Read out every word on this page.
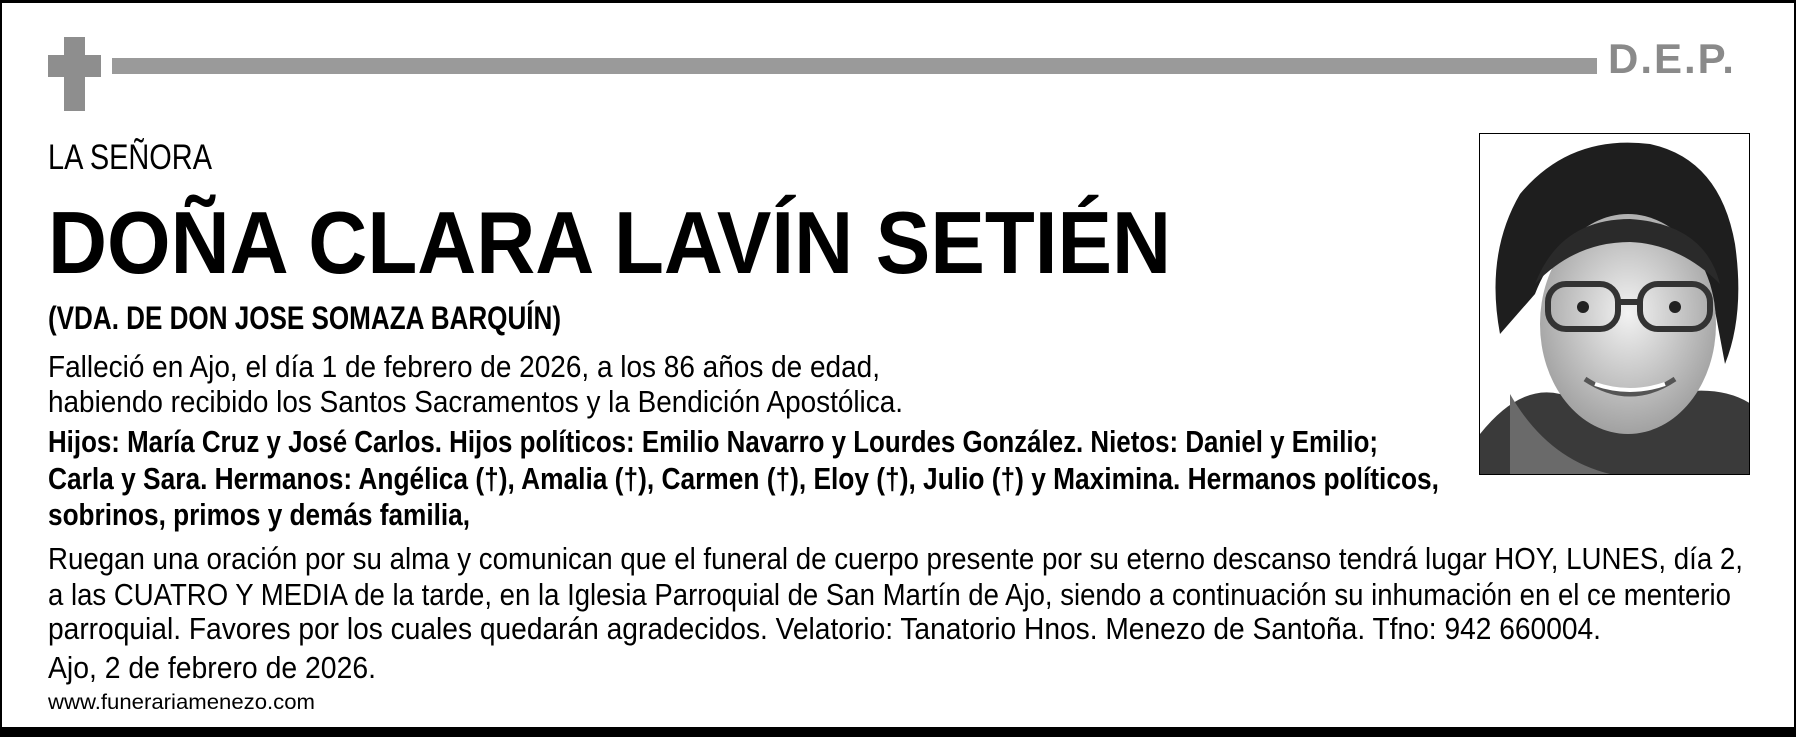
D.E.P.
LA SEÑORA
DOÑA CLARA LAVÍN SETIÉN
(VDA. DE DON JOSE SOMAZA BARQUÍN)
Falleció en Ajo, el día 1 de febrero de 2026, a los 86 años de edad,
habiendo recibido los Santos Sacramentos y la Bendición Apostólica.
Hijos: María Cruz y José Carlos. Hijos políticos: Emilio Navarro y Lourdes González. Nietos: Daniel y Emilio;
Carla y Sara. Hermanos: Angélica (†), Amalia (†), Carmen (†), Eloy (†), Julio (†) y Maximina. Hermanos políticos,
sobrinos, primos y demás familia,
Ruegan una oración por su alma y comunican que el funeral de cuerpo presente por su eterno descanso tendrá lugar HOY, LUNES, día 2,
a las CUATRO Y MEDIA de la tarde, en la Iglesia Parroquial de San Martín de Ajo, siendo a continuación su inhumación en el ce menterio
parroquial. Favores por los cuales quedarán agradecidos. Velatorio: Tanatorio Hnos. Menezo de Santoña. Tfno: 942 660004.
Ajo, 2 de febrero de 2026.
www.funerariamenezo.com
